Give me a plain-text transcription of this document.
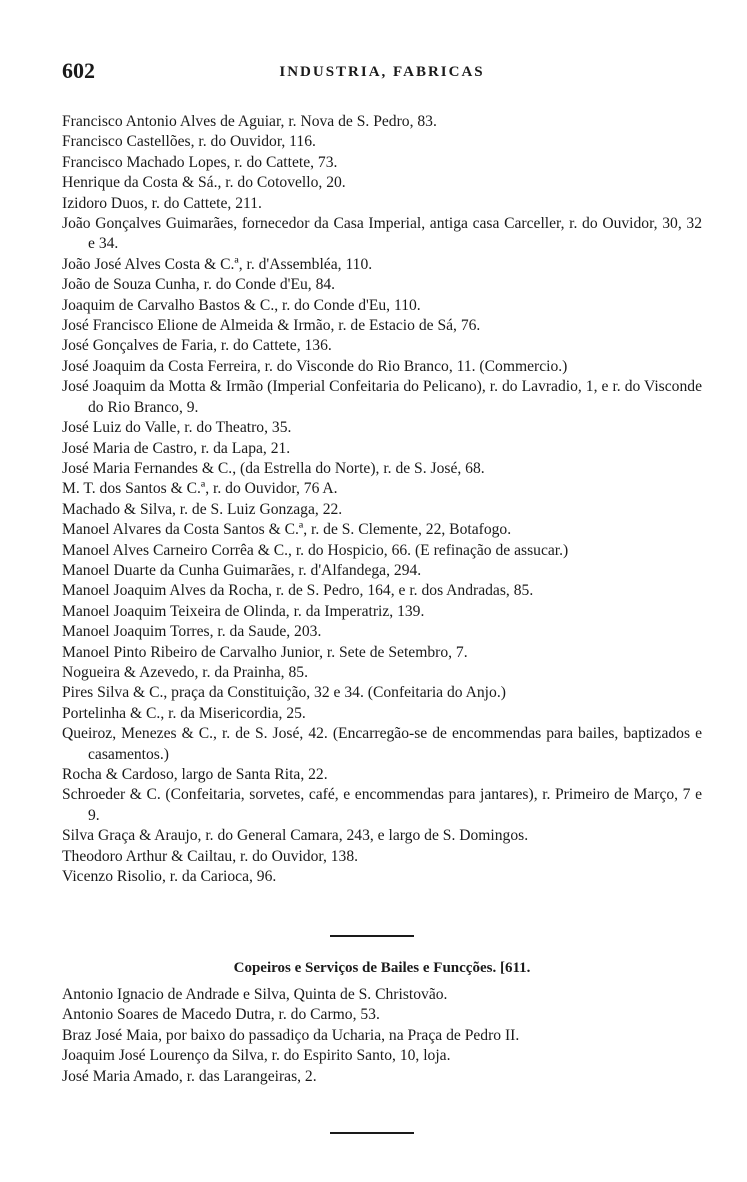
602	INDUSTRIA, FABRICAS
Francisco Antonio Alves de Aguiar, r. Nova de S. Pedro, 83.
Francisco Castellões, r. do Ouvidor, 116.
Francisco Machado Lopes, r. do Cattete, 73.
Henrique da Costa & Sá., r. do Cotovello, 20.
Izidoro Duos, r. do Cattete, 211.
João Gonçalves Guimarães, fornecedor da Casa Imperial, antiga casa Carceller, r. do Ouvidor, 30, 32 e 34.
João José Alves Costa & C.ª, r. d'Assembléa, 110.
João de Souza Cunha, r. do Conde d'Eu, 84.
Joaquim de Carvalho Bastos & C., r. do Conde d'Eu, 110.
José Francisco Elione de Almeida & Irmão, r. de Estacio de Sá, 76.
José Gonçalves de Faria, r. do Cattete, 136.
José Joaquim da Costa Ferreira, r. do Visconde do Rio Branco, 11. (Commercio.)
José Joaquim da Motta & Irmão (Imperial Confeitaria do Pelicano), r. do Lavradio, 1, e r. do Visconde do Rio Branco, 9.
José Luiz do Valle, r. do Theatro, 35.
José Maria de Castro, r. da Lapa, 21.
José Maria Fernandes & C., (da Estrella do Norte), r. de S. José, 68.
M. T. dos Santos & C.ª, r. do Ouvidor, 76 A.
Machado & Silva, r. de S. Luiz Gonzaga, 22.
Manoel Alvares da Costa Santos & C.ª, r. de S. Clemente, 22, Botafogo.
Manoel Alves Carneiro Corrêa & C., r. do Hospicio, 66. (E refinação de assucar.)
Manoel Duarte da Cunha Guimarães, r. d'Alfandega, 294.
Manoel Joaquim Alves da Rocha, r. de S. Pedro, 164, e r. dos Andradas, 85.
Manoel Joaquim Teixeira de Olinda, r. da Imperatriz, 139.
Manoel Joaquim Torres, r. da Saude, 203.
Manoel Pinto Ribeiro de Carvalho Junior, r. Sete de Setembro, 7.
Nogueira & Azevedo, r. da Prainha, 85.
Pires Silva & C., praça da Constituição, 32 e 34. (Confeitaria do Anjo.)
Portelinha & C., r. da Misericordia, 25.
Queiroz, Menezes & C., r. de S. José, 42. (Encarregão-se de encommendas para bailes, baptizados e casamentos.)
Rocha & Cardoso, largo de Santa Rita, 22.
Schroeder & C. (Confeitaria, sorvetes, café, e encommendas para jantares), r. Primeiro de Março, 7 e 9.
Silva Graça & Araujo, r. do General Camara, 243, e largo de S. Domingos.
Theodoro Arthur & Cailtau, r. do Ouvidor, 138.
Vicenzo Risolio, r. da Carioca, 96.
Copeiros e Serviços de Bailes e Funcções. [611.
Antonio Ignacio de Andrade e Silva, Quinta de S. Christovão.
Antonio Soares de Macedo Dutra, r. do Carmo, 53.
Braz José Maia, por baixo do passadiço da Ucharia, na Praça de Pedro II.
Joaquim José Lourenço da Silva, r. do Espirito Santo, 10, loja.
José Maria Amado, r. das Larangeiras, 2.
